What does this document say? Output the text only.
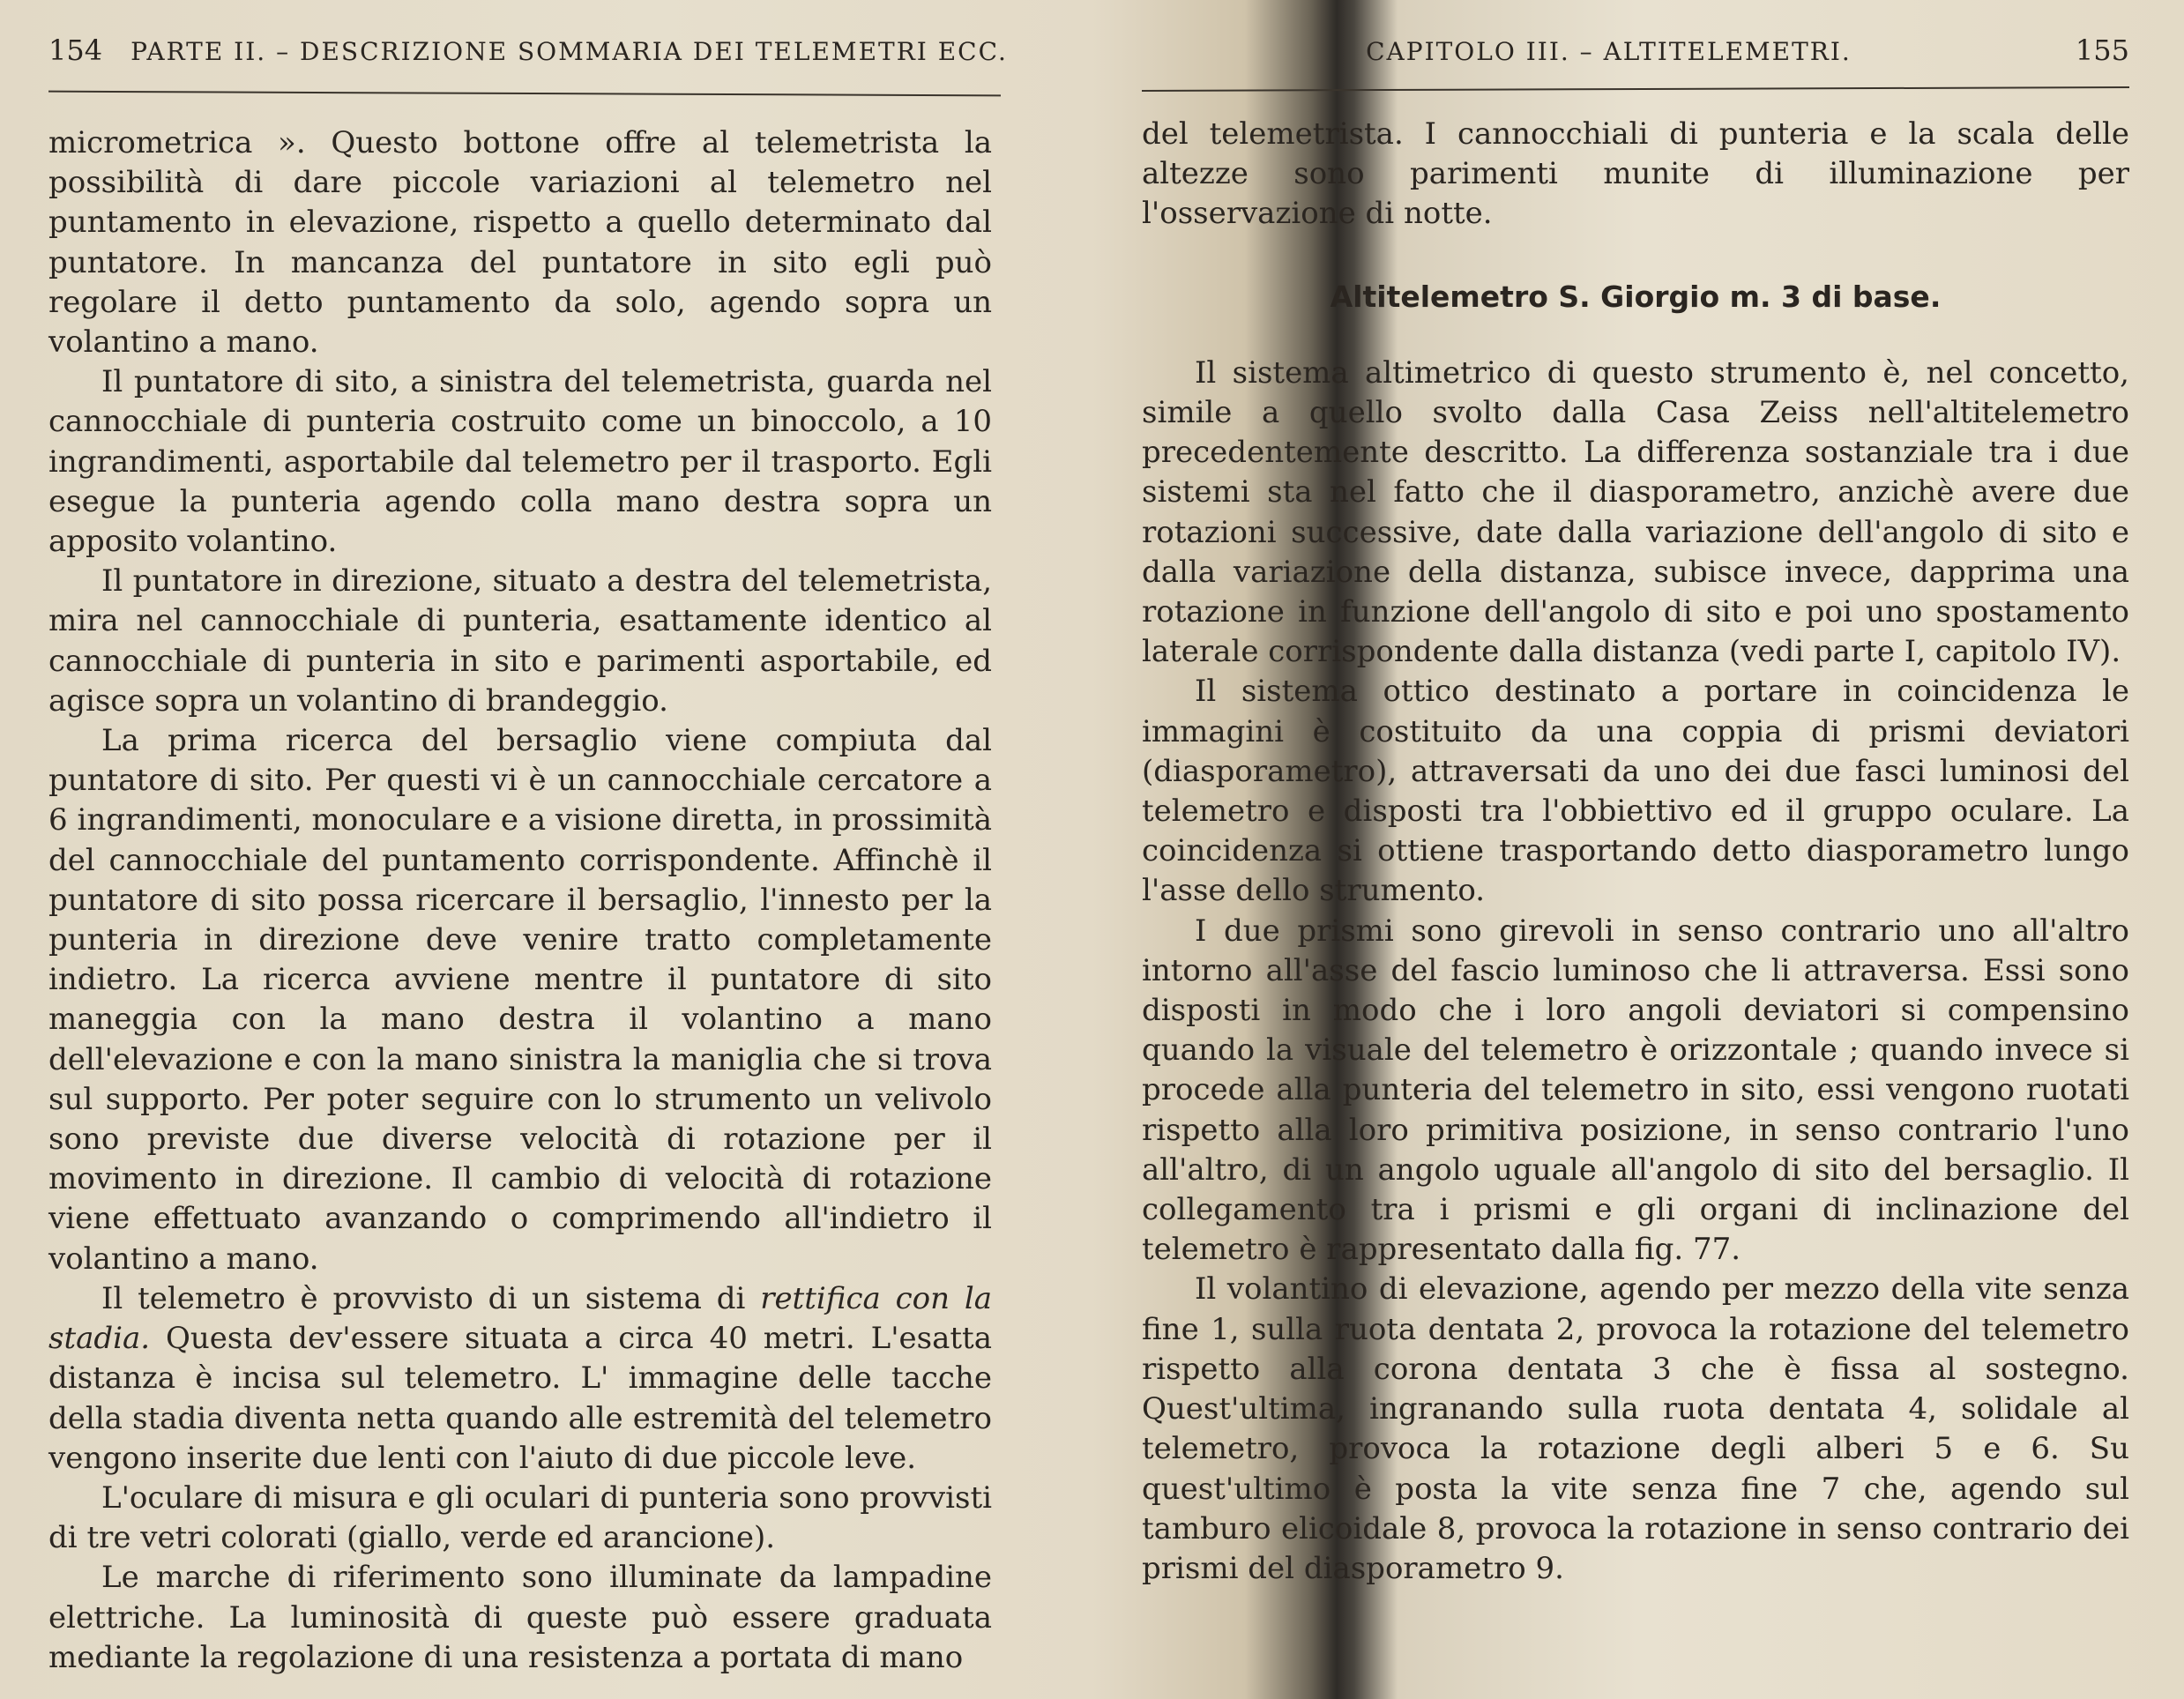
154 PARTE II. – DESCRIZIONE SOMMARIA DEI TELEMETRI ECC.

micrometrica ». Questo bottone offre al telemetrista la possibilità di dare piccole variazioni al telemetro nel puntamento in elevazione, rispetto a quello determinato dal puntatore. In mancanza del puntatore in sito egli può regolare il detto puntamento da solo, agendo sopra un volantino a mano.

Il puntatore di sito, a sinistra del telemetrista, guarda nel cannocchiale di punteria costruito come un binoccolo, a 10 ingrandimenti, asportabile dal telemetro per il trasporto. Egli esegue la punteria agendo colla mano destra sopra un apposito volantino.

Il puntatore in direzione, situato a destra del telemetrista, mira nel cannocchiale di punteria, esattamente identico al cannocchiale di punteria in sito e parimenti asportabile, ed agisce sopra un volantino di brandeggio.

La prima ricerca del bersaglio viene compiuta dal puntatore di sito. Per questi vi è un cannocchiale cercatore a 6 ingrandimenti, monoculare e a visione diretta, in prossimità del cannocchiale del puntamento corrispondente. Affinchè il puntatore di sito possa ricercare il bersaglio, l'innesto per la punteria in direzione deve venire tratto completamente indietro. La ricerca avviene mentre il puntatore di sito maneggia con la mano destra il volantino a mano dell'elevazione e con la mano sinistra la maniglia che si trova sul supporto. Per poter seguire con lo strumento un velivolo sono previste due diverse velocità di rotazione per il movimento in direzione. Il cambio di velocità di rotazione viene effettuato avanzando o comprimendo all'indietro il volantino a mano.

Il telemetro è provvisto di un sistema di rettifica con la stadia. Questa dev'essere situata a circa 40 metri. L'esatta distanza è incisa sul telemetro. L' immagine delle tacche della stadia diventa netta quando alle estremità del telemetro vengono inserite due lenti con l'aiuto di due piccole leve.

L'oculare di misura e gli oculari di punteria sono provvisti di tre vetri colorati (giallo, verde ed arancione).

Le marche di riferimento sono illuminate da lampadine elettriche. La luminosità di queste può essere graduata mediante la regolazione di una resistenza a portata di mano

CAPITOLO III. – ALTITELEMETRI.	155

del telemetrista. I cannocchiali di punteria e la scala delle altezze sono parimenti munite di illuminazione per l'osservazione di notte.

Altitelemetro S. Giorgio m. 3 di base.

Il sistema altimetrico di questo strumento è, nel concetto, simile a quello svolto dalla Casa Zeiss nell'altitelemetro precedentemente descritto. La differenza sostanziale tra i due sistemi sta nel fatto che il diasporametro, anzichè avere due rotazioni successive, date dalla variazione dell'angolo di sito e dalla variazione della distanza, subisce invece, dapprima una rotazione in funzione dell'angolo di sito e poi uno spostamento laterale corrispondente dalla distanza (vedi parte I, capitolo IV).

Il sistema ottico destinato a portare in coincidenza le immagini è costituito da una coppia di prismi deviatori (diasporametro), attraversati da uno dei due fasci luminosi del telemetro e disposti tra l'obbiettivo ed il gruppo oculare. La coincidenza si ottiene trasportando detto diasporametro lungo l'asse dello strumento.

I due prismi sono girevoli in senso contrario uno all'altro intorno all'asse del fascio luminoso che li attraversa. Essi sono disposti in modo che i loro angoli deviatori si compensino quando la visuale del telemetro è orizzontale ; quando invece si procede alla punteria del telemetro in sito, essi vengono ruotati rispetto alla loro primitiva posizione, in senso contrario l'uno all'altro, di un angolo uguale all'angolo di sito del bersaglio. Il collegamento tra i prismi e gli organi di inclinazione del telemetro è rappresentato dalla fig. 77.

Il volantino di elevazione, agendo per mezzo della vite senza fine 1, sulla ruota dentata 2, provoca la rotazione del telemetro rispetto alla corona dentata 3 che è fissa al sostegno. Quest'ultima, ingranando sulla ruota dentata 4, solidale al telemetro, provoca la rotazione degli alberi 5 e 6. Su quest'ultimo è posta la vite senza fine 7 che, agendo sul tamburo elicoidale 8, provoca la rotazione in senso contrario dei prismi del diasporametro 9.
